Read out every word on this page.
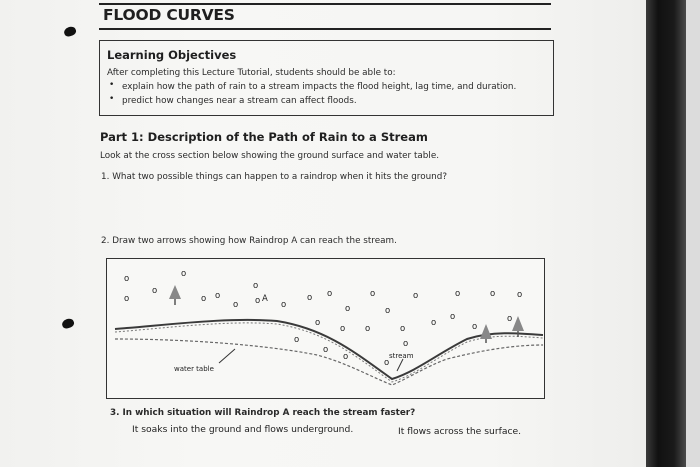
FLOOD CURVES
Learning Objectives
After completing this Lecture Tutorial, students should be able to:
• explain how the path of rain to a stream impacts the flood height, lag time, and duration.
• predict how changes near a stream can affect floods.
Part 1: Description of the Path of Rain to a Stream
Look at the cross section below showing the ground surface and water table.
1. What two possible things can happen to a raindrop when it hits the ground?
2. Draw two arrows showing how Raindrop A can reach the stream.
o	o
o
o
o	o o
o	o
o o	o	o	o	o	o
o	o
o
o o	o
o
o
o
o
o
o
o
o
o
o A
water table
stream
3. In which situation will Raindrop A reach the stream faster?
It soaks into the ground and flows underground.	It flows across the surface.
